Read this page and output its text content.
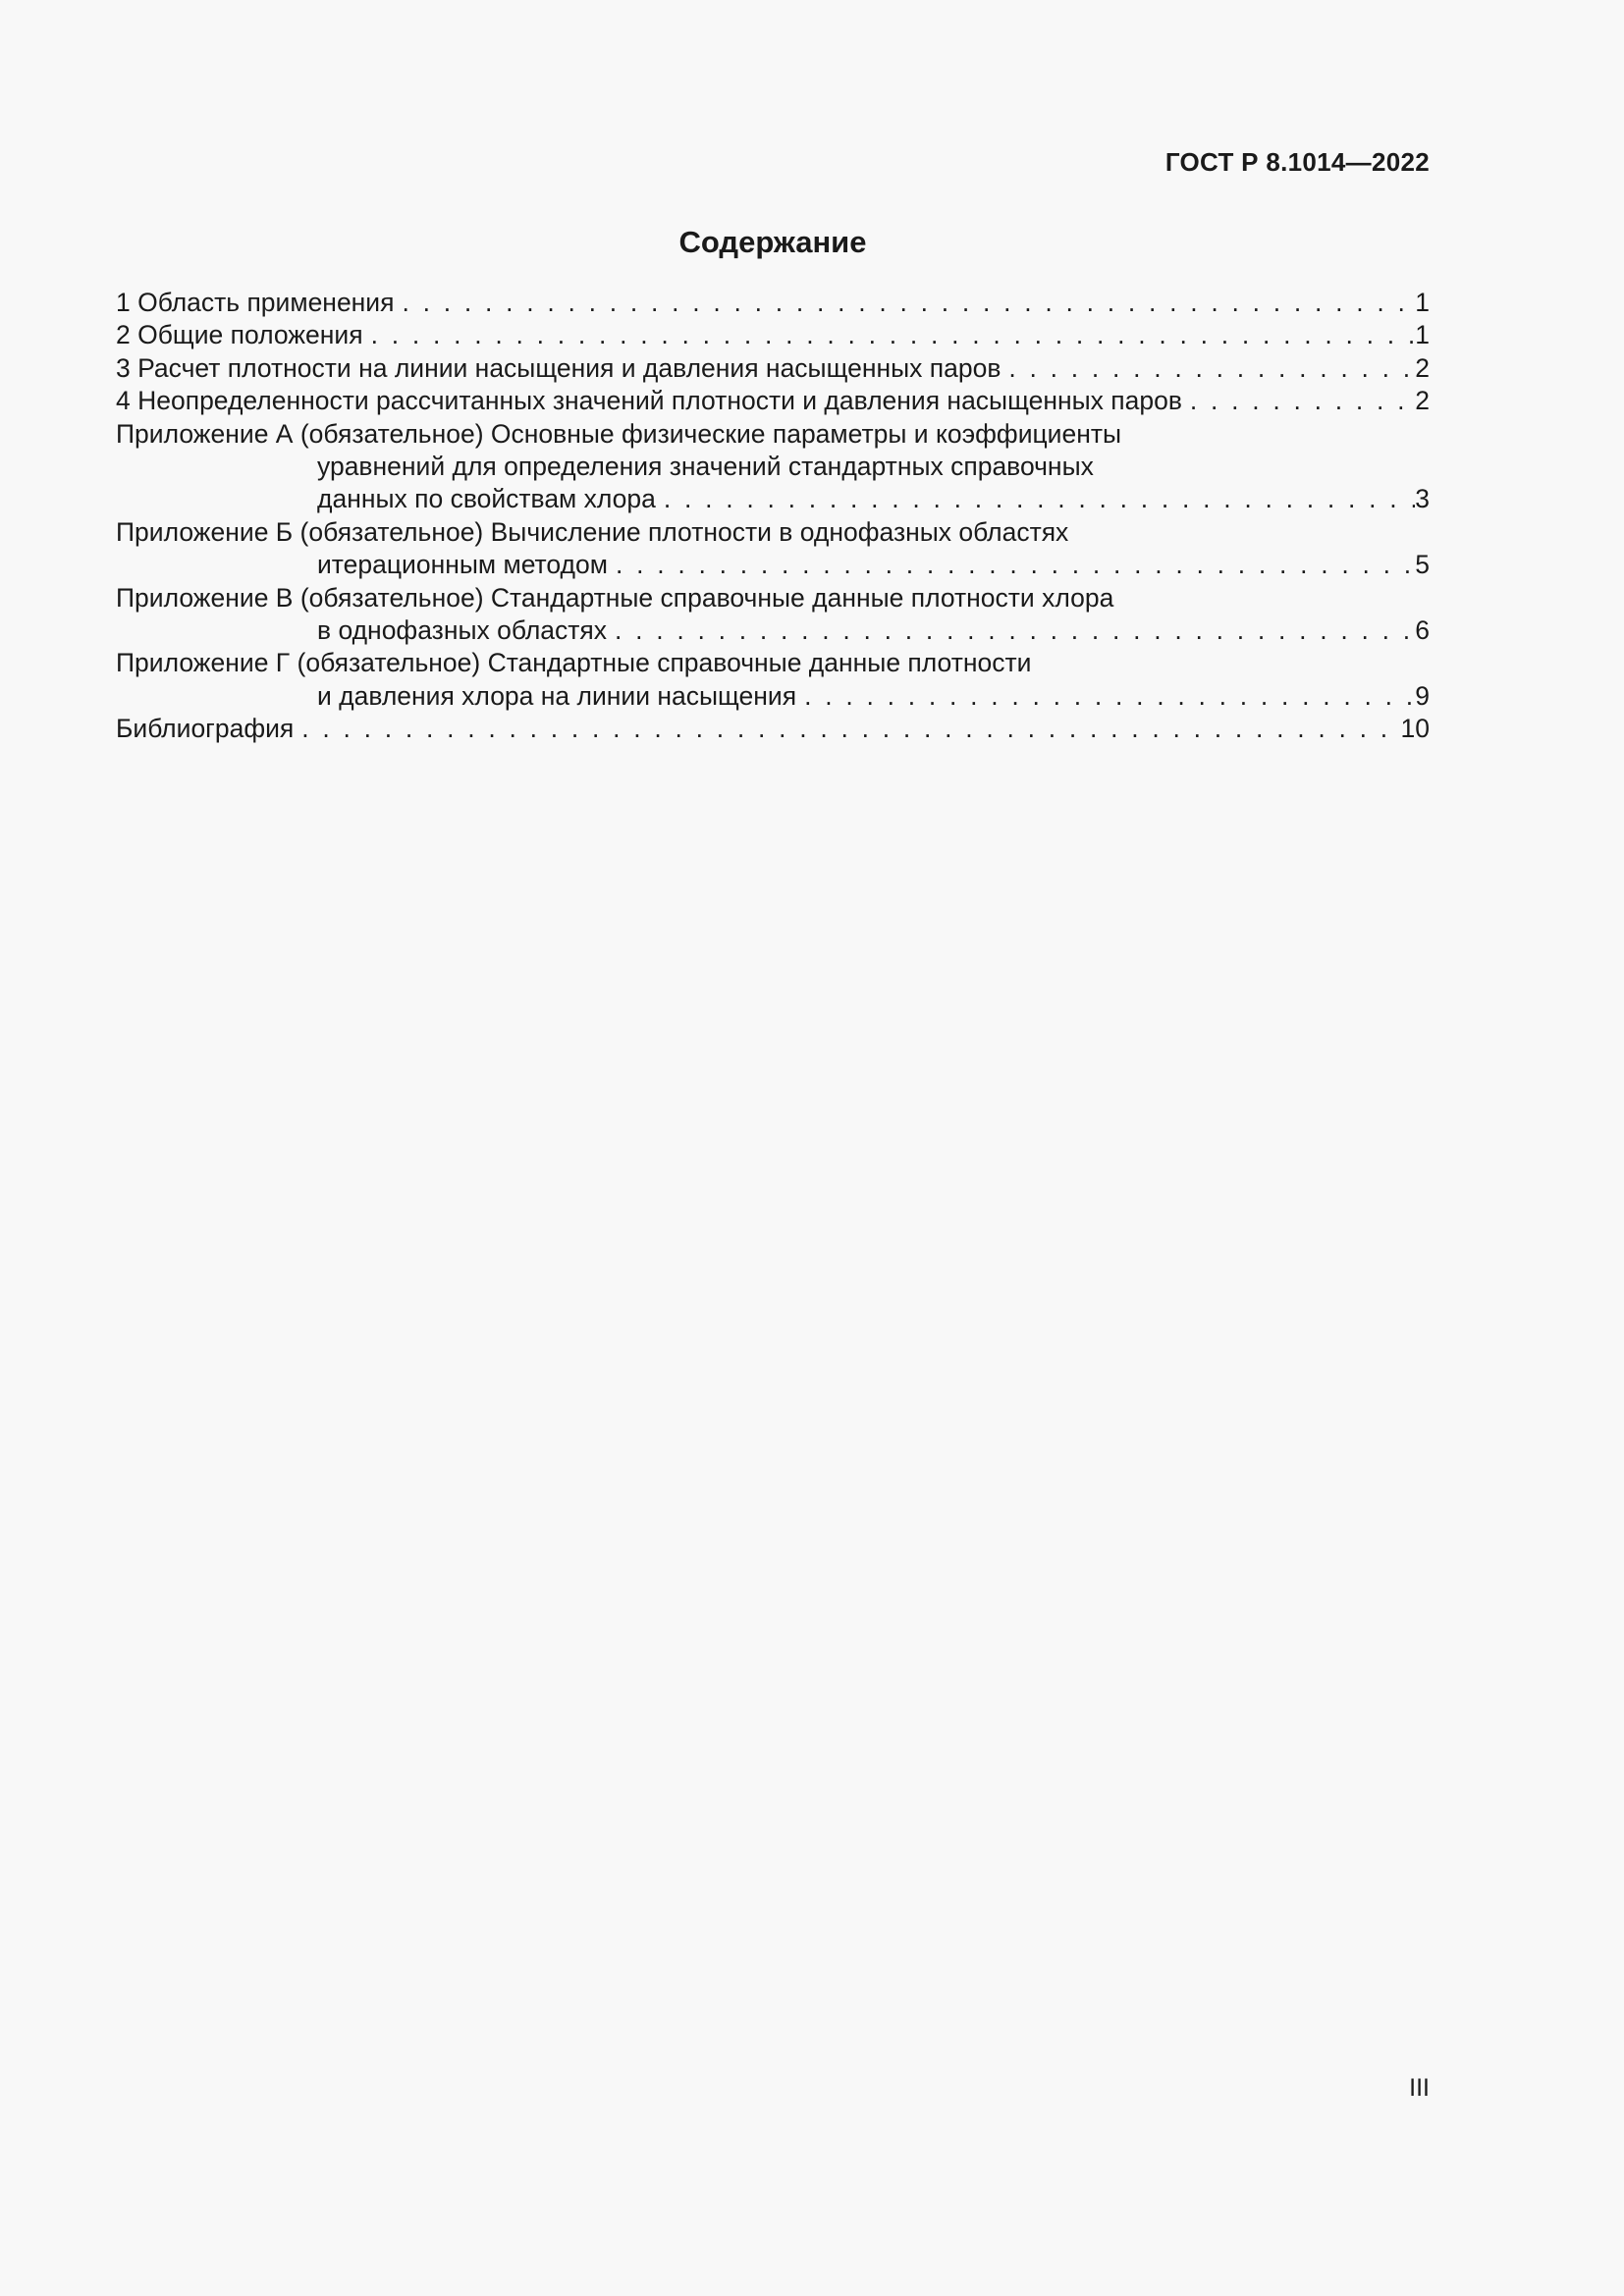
ГОСТ Р 8.1014—2022
Содержание
1 Область применения . . .	1
2 Общие положения . . .	1
3 Расчет плотности на линии насыщения и давления насыщенных паров . . .	2
4 Неопределенности рассчитанных значений плотности и давления насыщенных паров . . .	2
Приложение А (обязательное) Основные физические параметры и коэффициенты
уравнений для определения значений стандартных справочных
данных по свойствам хлора . . .	3
Приложение Б (обязательное) Вычисление плотности в однофазных областях
итерационным методом . . .	5
Приложение В (обязательное) Стандартные справочные данные плотности хлора
в однофазных областях . . .	6
Приложение Г (обязательное) Стандартные справочные данные плотности
и давления хлора на линии насыщения . . .	9
Библиография . . .	10
III
